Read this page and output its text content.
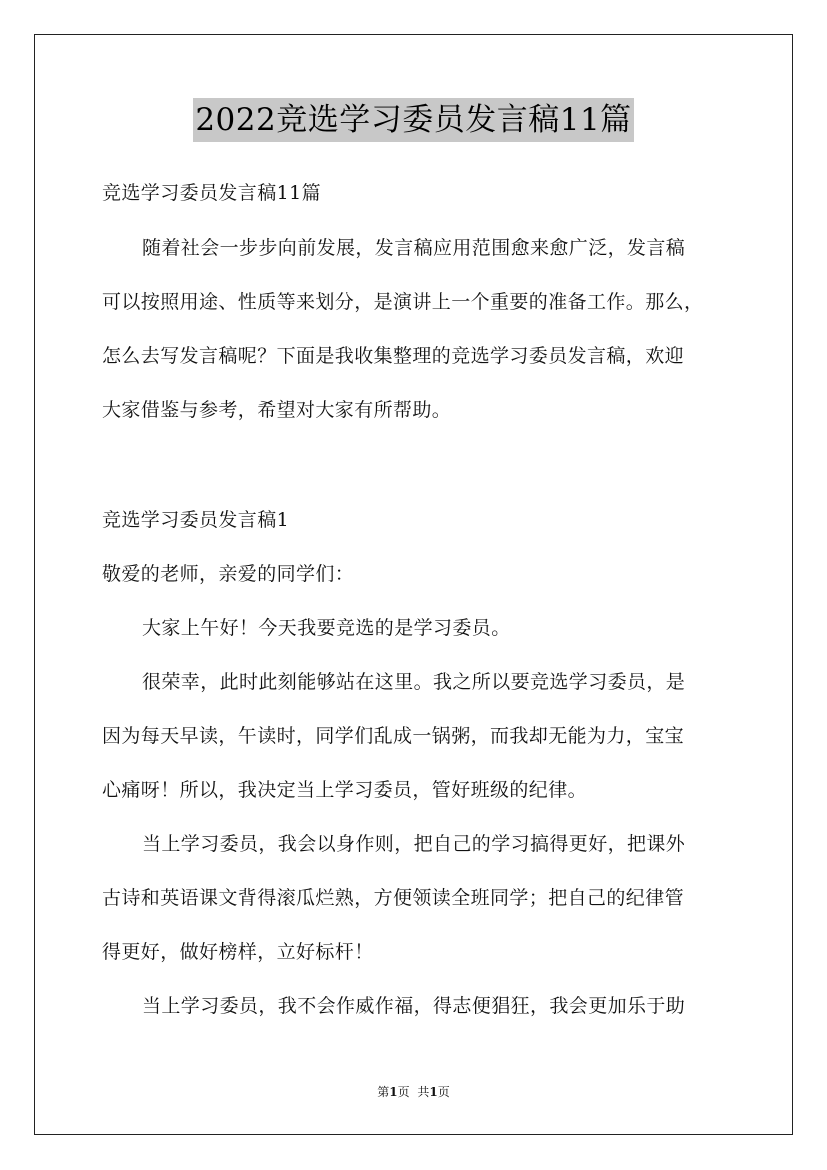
2022竞选学习委员发言稿11篇
竞选学习委员发言稿11篇
随着社会一步步向前发展，发言稿应用范围愈来愈广泛，发言稿
可以按照用途、性质等来划分，是演讲上一个重要的准备工作。那么，
怎么去写发言稿呢？下面是我收集整理的竞选学习委员发言稿，欢迎
大家借鉴与参考，希望对大家有所帮助。
竞选学习委员发言稿1
敬爱的老师，亲爱的同学们：
大家上午好！今天我要竞选的是学习委员。
很荣幸，此时此刻能够站在这里。我之所以要竞选学习委员，是
因为每天早读，午读时，同学们乱成一锅粥，而我却无能为力，宝宝
心痛呀！所以，我决定当上学习委员，管好班级的纪律。
当上学习委员，我会以身作则，把自己的学习搞得更好，把课外
古诗和英语课文背得滚瓜烂熟，方便领读全班同学；把自己的纪律管
得更好，做好榜样，立好标杆！
当上学习委员，我不会作威作福，得志便猖狂，我会更加乐于助
第1页 共1页
